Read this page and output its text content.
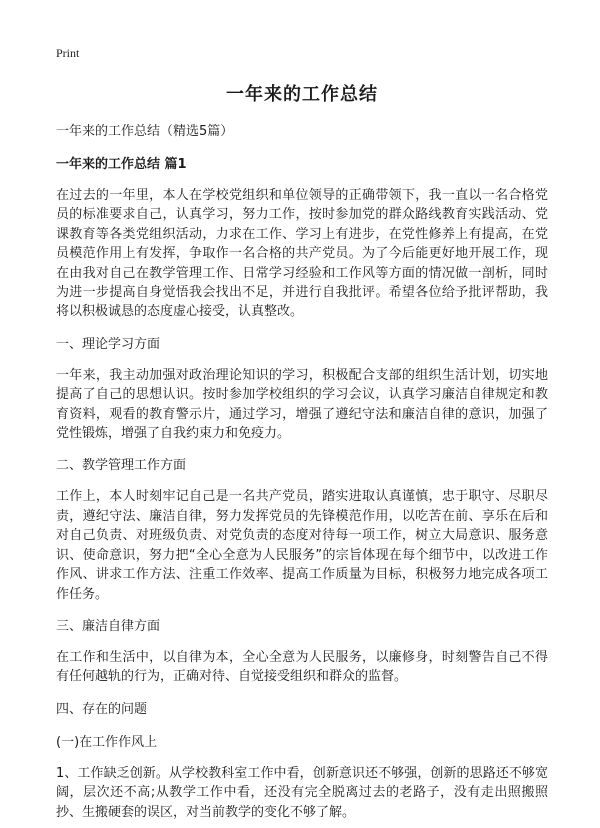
Print
一年来的工作总结

一年来的工作总结（精选5篇）

一年来的工作总结 篇1

在过去的一年里，本人在学校党组织和单位领导的正确带领下，我一直以一名合格党员的标准要求自己，认真学习，努力工作，按时参加党的群众路线教育实践活动、党课教育等各类党组织活动，力求在工作、学习上有进步，在党性修养上有提高，在党员模范作用上有发挥，争取作一名合格的共产党员。为了今后能更好地开展工作，现在由我对自己在教学管理工作、日常学习经验和工作风等方面的情况做一剖析，同时为进一步提高自身觉悟我会找出不足，并进行自我批评。希望各位给予批评帮助，我将以积极诚恳的态度虚心接受，认真整改。

一、理论学习方面

一年来，我主动加强对政治理论知识的学习，积极配合支部的组织生活计划，切实地提高了自己的思想认识。按时参加学校组织的学习会议，认真学习廉洁自律规定和教育资料，观看的教育警示片，通过学习，增强了遵纪守法和廉洁自律的意识，加强了党性锻炼，增强了自我约束力和免疫力。

二、教学管理工作方面

工作上，本人时刻牢记自己是一名共产党员，踏实进取认真谨慎，忠于职守、尽职尽责，遵纪守法、廉洁自律，努力发挥党员的先锋模范作用，以吃苦在前、享乐在后和对自己负责、对班级负责、对党负责的态度对待每一项工作，树立大局意识、服务意识、使命意识，努力把“全心全意为人民服务”的宗旨体现在每个细节中，以改进工作作风、讲求工作方法、注重工作效率、提高工作质量为目标，积极努力地完成各项工作任务。

三、廉洁自律方面

在工作和生活中，以自律为本，全心全意为人民服务，以廉修身，时刻警告自己不得有任何越轨的行为，正确对待、自觉接受组织和群众的监督。

四、存在的问题

(一)在工作作风上

1、工作缺乏创新。从学校教科室工作中看，创新意识还不够强，创新的思路还不够宽阔，层次还不高;从教学工作中看，还没有完全脱离过去的老路子，没有走出照搬照抄、生搬硬套的误区，对当前教学的变化不够了解。
